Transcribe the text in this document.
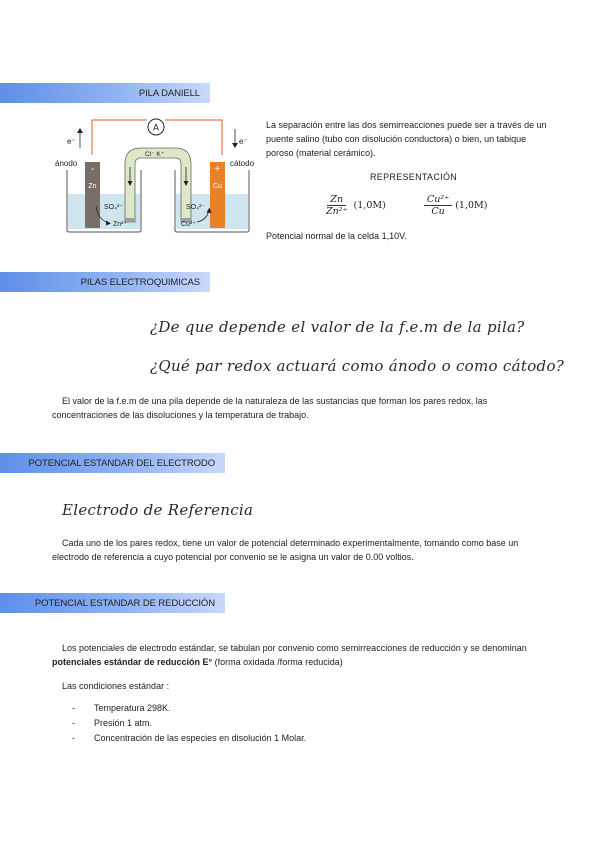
PILA DANIELL
A
e⁻	e⁻
ánodo	cátodo
Cl⁻ K⁺
-
Zn
+
Cu
SO₄²⁻
Zn²⁺
SO₄²⁻
Cu²⁺
La separación entre las dos semirreacciones puede ser a través de un puente salino (tubo con disolución conductora) o bien, un tabique poroso (material cerámico).
REPRESENTACIÓN
$\frac{Zn}{\text{Zn²⁺}} (1,0M)$	$\frac{\text{Cu²⁺}}{Cu} (1,0M)$
Potencial normal de la celda 1,10V.
PILAS ELECTROQUIMICAS
¿De que depende el valor de la f.e.m de la pila?
¿Qué par redox actuará como ánodo o como cátodo?
El valor de la f.e.m de una pila depende de la naturaleza de las sustancias que forman los pares redox, las concentraciones de las disoluciones y la temperatura de trabajo.
POTENCIAL ESTANDAR DEL ELECTRODO
Electrodo de Referencia
Cada uno de los pares redox, tiene un valor de potencial determinado experimentalmente, tomando como base un electrodo de referencia a cuyo potencial por convenio se le asigna un valor de 0.00 voltios.
POTENCIAL ESTANDAR DE REDUCCIÓN
Los potenciales de electrodo estándar, se tabulan por convenio como semirreacciones de reducción y se denominan potenciales estándar de reducción E° (forma oxidada /forma reducida)
Las condiciones estándar :
- Temperatura 298K.
- Presión 1 atm.
- Concentración de las especies en disolución 1 Molar.
